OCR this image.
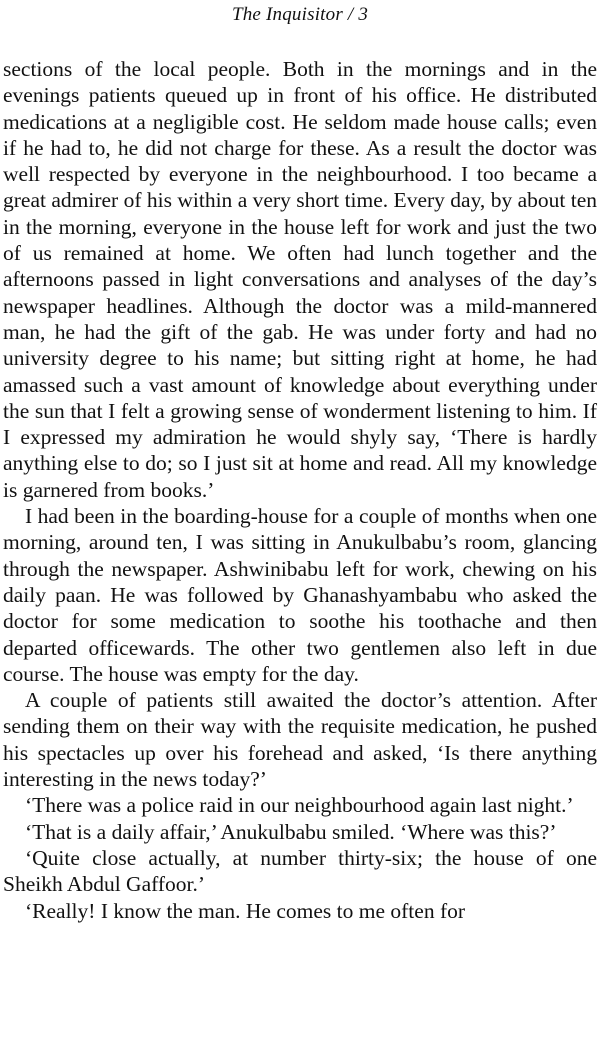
The Inquisitor / 3

sections of the local people. Both in the mornings and in the evenings patients queued up in front of his office. He distributed medications at a negligible cost. He seldom made house calls; even if he had to, he did not charge for these. As a result the doctor was well respected by everyone in the neighbourhood. I too became a great admirer of his within a very short time. Every day, by about ten in the morning, everyone in the house left for work and just the two of us remained at home. We often had lunch together and the afternoons passed in light conversations and analyses of the day’s newspaper headlines. Although the doctor was a mild-mannered man, he had the gift of the gab. He was under forty and had no university degree to his name; but sitting right at home, he had amassed such a vast amount of knowledge about everything under the sun that I felt a growing sense of wonderment listening to him. If I expressed my admiration he would shyly say, ‘There is hardly anything else to do; so I just sit at home and read. All my knowledge is garnered from books.’

I had been in the boarding-house for a couple of months when one morning, around ten, I was sitting in Anukulbabu’s room, glancing through the newspaper. Ashwinibabu left for work, chewing on his daily paan. He was followed by Ghanashyambabu who asked the doctor for some medication to soothe his toothache and then departed officewards. The other two gentlemen also left in due course. The house was empty for the day.

A couple of patients still awaited the doctor’s attention. After sending them on their way with the requisite medication, he pushed his spectacles up over his forehead and asked, ‘Is there anything interesting in the news today?’

‘There was a police raid in our neighbourhood again last night.’

‘That is a daily affair,’ Anukulbabu smiled. ‘Where was this?’

‘Quite close actually, at number thirty-six; the house of one Sheikh Abdul Gaffoor.’

‘Really! I know the man. He comes to me often for
